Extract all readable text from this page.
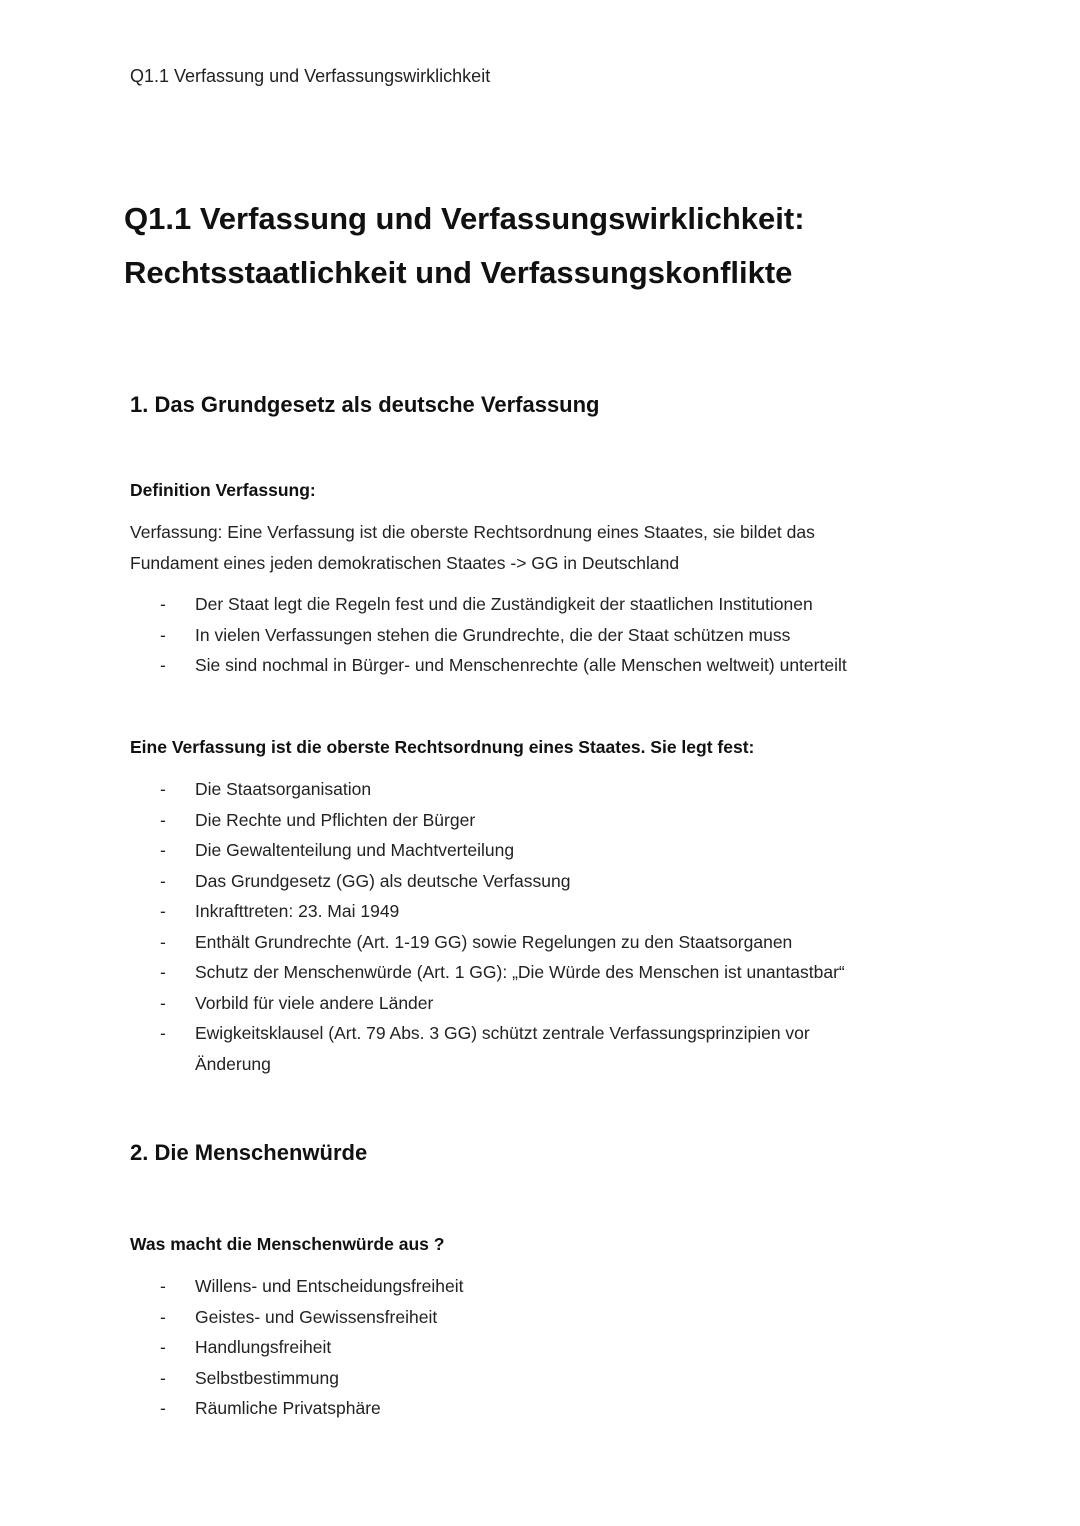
Q1.1 Verfassung und Verfassungswirklichkeit
Q1.1 Verfassung und Verfassungswirklichkeit:
Rechtsstaatlichkeit und Verfassungskonflikte
1. Das Grundgesetz als deutsche Verfassung
Definition Verfassung:

Verfassung: Eine Verfassung ist die oberste Rechtsordnung eines Staates, sie bildet das
Fundament eines jeden demokratischen Staates -> GG in Deutschland

- Der Staat legt die Regeln fest und die Zuständigkeit der staatlichen Institutionen
- In vielen Verfassungen stehen die Grundrechte, die der Staat schützen muss
- Sie sind nochmal in Bürger- und Menschenrechte (alle Menschen weltweit) unterteilt
Eine Verfassung ist die oberste Rechtsordnung eines Staates. Sie legt fest:
- Die Staatsorganisation
- Die Rechte und Pflichten der Bürger
- Die Gewaltenteilung und Machtverteilung
- Das Grundgesetz (GG) als deutsche Verfassung
- Inkrafttreten: 23. Mai 1949
- Enthält Grundrechte (Art. 1-19 GG) sowie Regelungen zu den Staatsorganen
- Schutz der Menschenwürde (Art. 1 GG): „Die Würde des Menschen ist unantastbar“
- Vorbild für viele andere Länder
- Ewigkeitsklausel (Art. 79 Abs. 3 GG) schützt zentrale Verfassungsprinzipien vor
Änderung
2. Die Menschenwürde
Was macht die Menschenwürde aus ?
- Willens- und Entscheidungsfreiheit
- Geistes- und Gewissensfreiheit
- Handlungsfreiheit
- Selbstbestimmung
- Räumliche Privatsphäre
